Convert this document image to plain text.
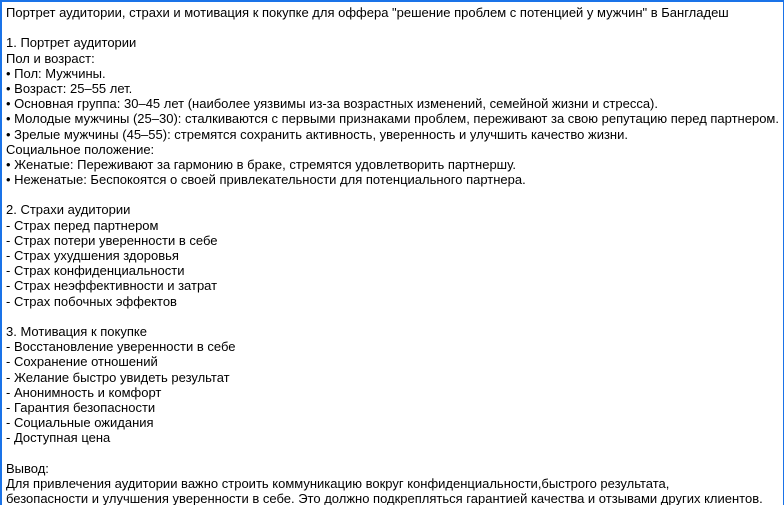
Портрет аудитории, страхи и мотивация к покупке для оффера "решение проблем с потенцией у мужчин" в Бангладеш
1. Портрет аудитории
Пол и возраст:
• Пол: Мужчины.
• Возраст: 25–55 лет.
• Основная группа: 30–45 лет (наиболее уязвимы из-за возрастных изменений, семейной жизни и стресса).
• Молодые мужчины (25–30): сталкиваются с первыми признаками проблем, переживают за свою репутацию перед партнером.
• Зрелые мужчины (45–55): стремятся сохранить активность, уверенность и улучшить качество жизни.
Социальное положение:
• Женатые: Переживают за гармонию в браке, стремятся удовлетворить партнершу.
• Неженатые: Беспокоятся о своей привлекательности для потенциального партнера.
2. Страхи аудитории
- Страх перед партнером
- Страх потери уверенности в себе
- Страх ухудшения здоровья
- Страх конфиденциальности
- Страх неэффективности и затрат
- Страх побочных эффектов
3. Мотивация к покупке
- Восстановление уверенности в себе
- Сохранение отношений
- Желание быстро увидеть результат
- Анонимность и комфорт
- Гарантия безопасности
- Социальные ожидания
- Доступная цена
Вывод:
Для привлечения аудитории важно строить коммуникацию вокруг конфиденциальности,быстрого результата,
безопасности и улучшения уверенности в себе. Это должно подкрепляться гарантией качества и отзывами других клиентов.
